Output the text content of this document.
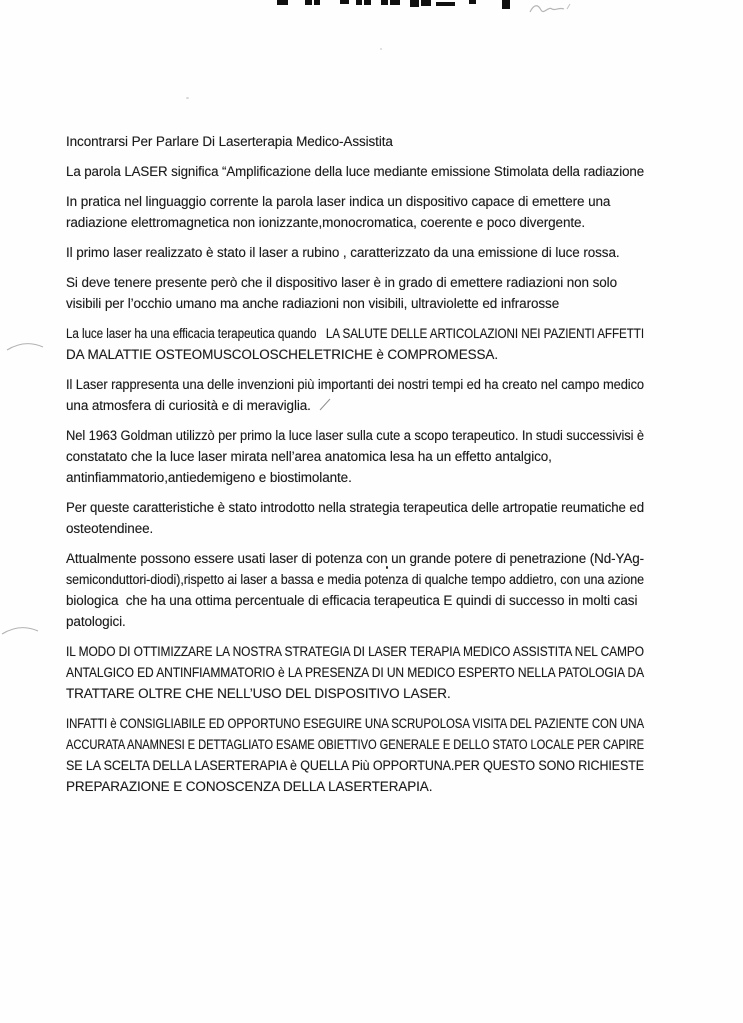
Incontrarsi Per Parlare Di Laserterapia Medico-Assistita
La parola LASER significa “Amplificazione della luce mediante emissione Stimolata della radiazione
In pratica nel linguaggio corrente la parola laser indica un dispositivo capace di emettere una
radiazione elettromagnetica non ionizzante,monocromatica, coerente e poco divergente.
Il primo laser realizzato è stato il laser a rubino , caratterizzato da una emissione di luce rossa.
Si deve tenere presente però che il dispositivo laser è in grado di emettere radiazioni non solo
visibili per l’occhio umano ma anche radiazioni non visibili, ultraviolette ed infrarosse
La luce laser ha una efficacia terapeutica quando   LA SALUTE DELLE ARTICOLAZIONI NEI PAZIENTI AFFETTI
DA MALATTIE OSTEOMUSCOLOSCHELETRICHE è COMPROMESSA.
Il Laser rappresenta una delle invenzioni più importanti dei nostri tempi ed ha creato nel campo medico
una atmosfera di curiosità e di meraviglia.
Nel 1963 Goldman utilizzò per primo la luce laser sulla cute a scopo terapeutico. In studi successivisi è
constatato che la luce laser mirata nell’area anatomica lesa ha un effetto antalgico,
antinfiammatorio,antiedemigeno e biostimolante.
Per queste caratteristiche è stato introdotto nella strategia terapeutica delle artropatie reumatiche ed
osteotendinee.
Attualmente possono essere usati laser di potenza con un grande potere di penetrazione (Nd-YAg-
semiconduttori-diodi),rispetto ai laser a bassa e media potenza di qualche tempo addietro, con una azione
biologica  che ha una ottima percentuale di efficacia terapeutica E quindi di successo in molti casi
patologici.
IL MODO DI OTTIMIZZARE LA NOSTRA STRATEGIA DI LASER TERAPIA MEDICO ASSISTITA NEL CAMPO
ANTALGICO ED ANTINFIAMMATORIO è LA PRESENZA DI UN MEDICO ESPERTO NELLA PATOLOGIA DA
TRATTARE OLTRE CHE NELL’USO DEL DISPOSITIVO LASER.
INFATTI è CONSIGLIABILE ED OPPORTUNO ESEGUIRE UNA SCRUPOLOSA VISITA DEL PAZIENTE CON UNA
ACCURATA ANAMNESI E DETTAGLIATO ESAME OBIETTIVO GENERALE E DELLO STATO LOCALE PER CAPIRE
SE LA SCELTA DELLA LASERTERAPIA è QUELLA Più OPPORTUNA.PER QUESTO SONO RICHIESTE
PREPARAZIONE E CONOSCENZA DELLA LASERTERAPIA.
